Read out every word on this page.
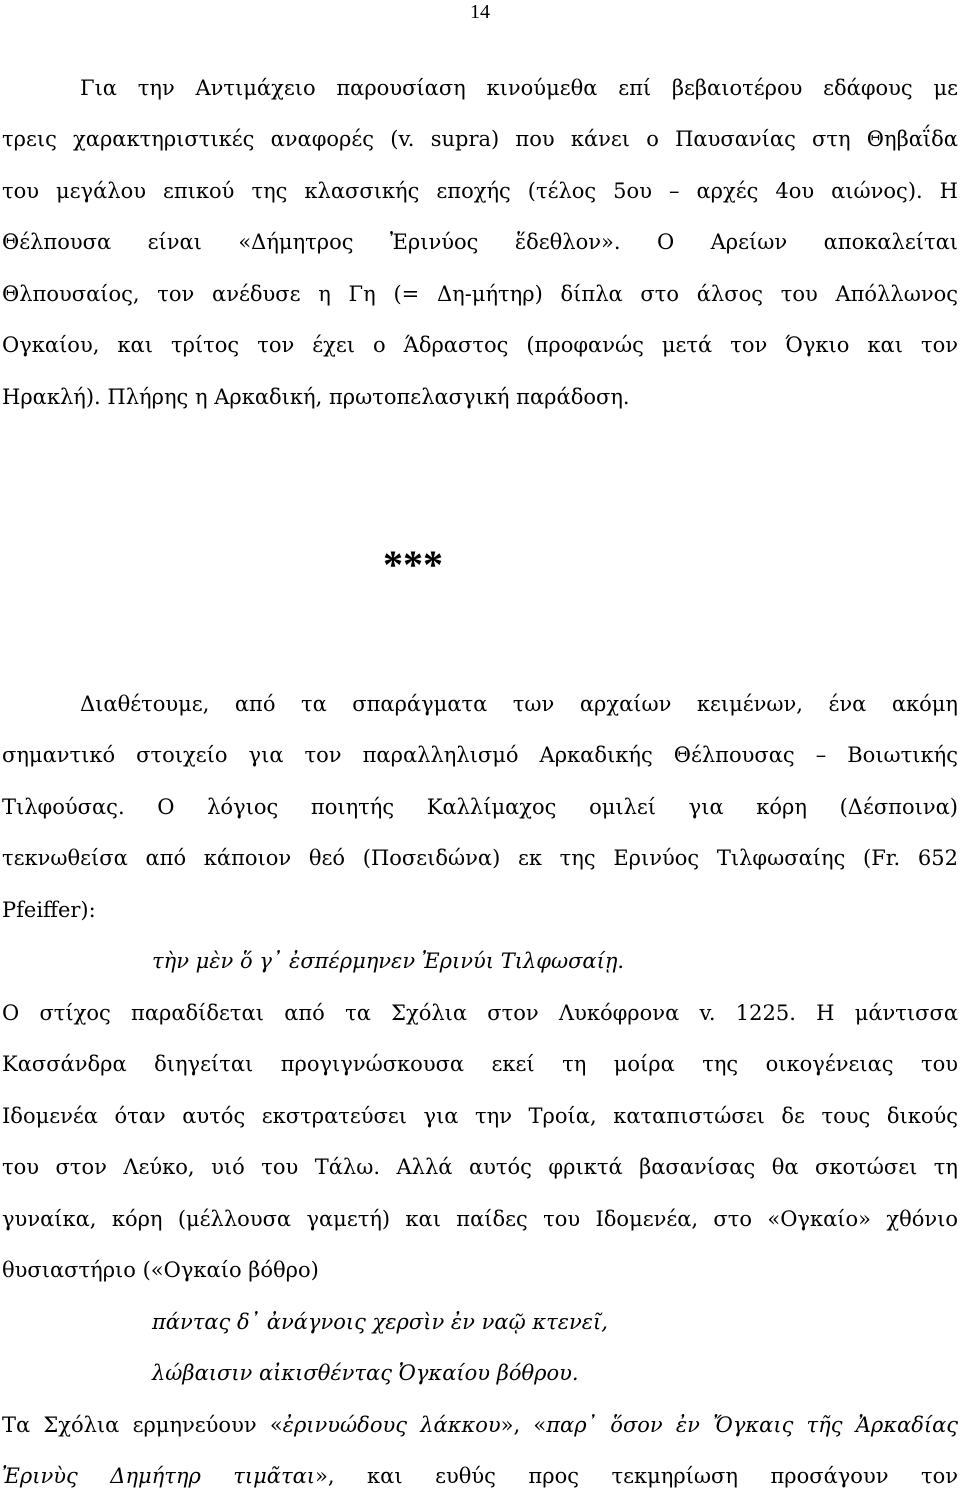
14
Για την Αντιμάχειο παρουσίαση κινούμεθα επί βεβαιοτέρου εδάφους με
τρεις χαρακτηριστικές αναφορές (v. supra) που κάνει ο Παυσανίας στη Θηβαΐδα
του μεγάλου επικού της κλασσικής εποχής (τέλος 5ου – αρχές 4ου αιώνος). Η
Θέλπουσα είναι «Δήμητρος Ἐρινύος ἕδεθλον». Ο Αρείων αποκαλείται
Θλπουσαίος, τον ανέδυσε η Γη (= Δη-μήτηρ) δίπλα στο άλσος του Απόλλωνος
Ογκαίου, και τρίτος τον έχει ο Άδραστος (προφανώς μετά τον Όγκιο και τον
Ηρακλή). Πλήρης η Αρκαδική, πρωτοπελασγική παράδοση.
***
Διαθέτουμε, από τα σπαράγματα των αρχαίων κειμένων, ένα ακόμη
σημαντικό στοιχείο για τον παραλληλισμό Αρκαδικής Θέλπουσας – Βοιωτικής
Τιλφούσας. Ο λόγιος ποιητής Καλλίμαχος ομιλεί για κόρη (Δέσποινα)
τεκνωθείσα από κάποιον θεό (Ποσειδώνα) εκ της Ερινύος Τιλφωσαίης (Fr. 652
Pfeiffer):
τὴν μὲν ὅ γ᾽ ἐσπέρμηνεν Ἐρινύι Τιλφωσαίῃ.
Ο στίχος παραδίδεται από τα Σχόλια στον Λυκόφρονα v. 1225. Η μάντισσα
Κασσάνδρα διηγείται προγιγνώσκουσα εκεί τη μοίρα της οικογένειας του
Ιδομενέα όταν αυτός εκστρατεύσει για την Τροία, καταπιστώσει δε τους δικούς
του στον Λεύκο, υιό του Τάλω. Αλλά αυτός φρικτά βασανίσας θα σκοτώσει τη
γυναίκα, κόρη (μέλλουσα γαμετή) και παίδες του Ιδομενέα, στο «Ογκαίο» χθόνιο
θυσιαστήριο («Ογκαίο βόθρο)
πάντας δ᾽ ἀνάγνοις χερσὶν ἐν ναῷ κτενεῖ,
λώβαισιν αἰκισθέντας Ὀγκαίου βόθρου.
Τα Σχόλια ερμηνεύουν «ἐρινυώδους λάκκου», «παρ᾽ ὅσον ἐν Ὄγκαις τῆς Ἀρκαδίας
Ἐρινὺς Δημήτηρ τιμᾶται», και ευθύς προς τεκμηρίωση προσάγουν τον
